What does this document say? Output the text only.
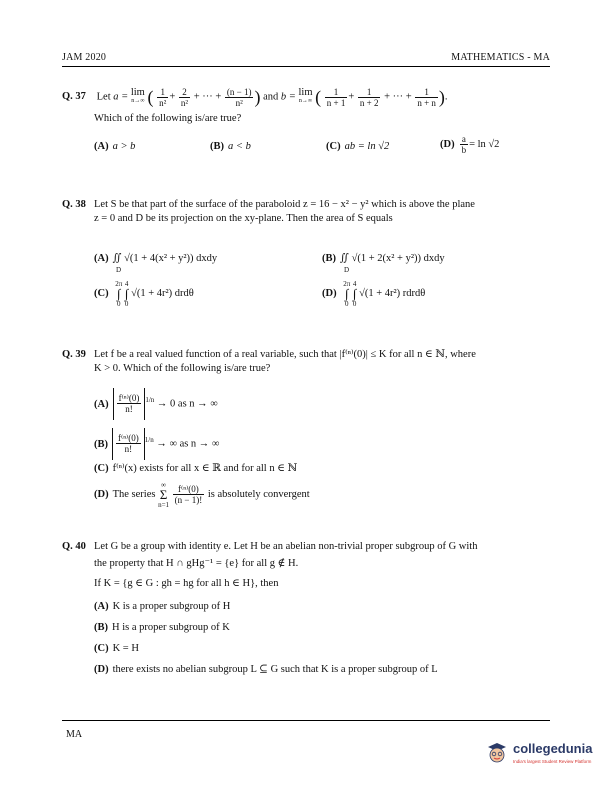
JAM 2020	MATHEMATICS - MA
Q. 37 Let a = lim
n→∞ ( $\frac{1}{\text{n²}} + \frac{2}{\text{n²}}$ + ··· + $\frac{(n - 1)}{\text{n²}}$ ) and b = lim
n→∞ ( $\frac{1}{n + 1} + \frac{1}{n + 2}$ + ··· + $\frac{1}{n + n}$ ).
Which of the following is/are true?
(A) a > b	(B) a < b	(C) ab = ln √2	$(D) \frac{a}{b} = \ln √2$
Q. 38 Let S be that part of the surface of the paraboloid z = 16 − x² − y² which is above the plane
z = 0 and D be its projection on the xy-plane. Then the area of S equals
(A) ∬ √(1 + 4(x² + y²)) dxdy
D
(B) ∬ √(1 + 2(x² + y²)) dxdy
D
(C) 2π
∫
0 4
∫
0 √(1 + 4r²) drdθ	(D) 2π
∫
0 4
∫
0 √(1 + 4r²) rdrdθ
Q. 39 Let f be a real valued function of a real variable, such that |f⁽ⁿ⁾(0)| ≤ K for all n ∈ ℕ, where
K > 0. Which of the following is/are true?
$(A) \frac{\text{f⁽ⁿ⁾(0)}}{n!} ^{1/n} \to 0$ as n → ∞
$(B) \frac{\text{f⁽ⁿ⁾(0)}}{n!} ^{1/n}$ → ∞ as n → ∞
(C) f⁽ⁿ⁾(x) exists for all x ∈ ℝ and for all n ∈ ℕ
(D) The series ∞
Σ
$n=1 \frac{\text{f⁽ⁿ⁾(0)}}{(n - 1)!}$ is absolutely convergent
Q. 40 Let G be a group with identity e. Let H be an abelian non-trivial proper subgroup of G with
the property that H ∩ gHg⁻¹ = {e} for all g ∉ H.
If K = {g ∈ G : gh = hg for all h ∈ H}, then
(A) K is a proper subgroup of H
(B) H is a proper subgroup of K
(C) K = H
(D) there exists no abelian subgroup L ⊆ G such that K is a proper subgroup of L
MA
collegedunia
India's largest Student Review Platform
